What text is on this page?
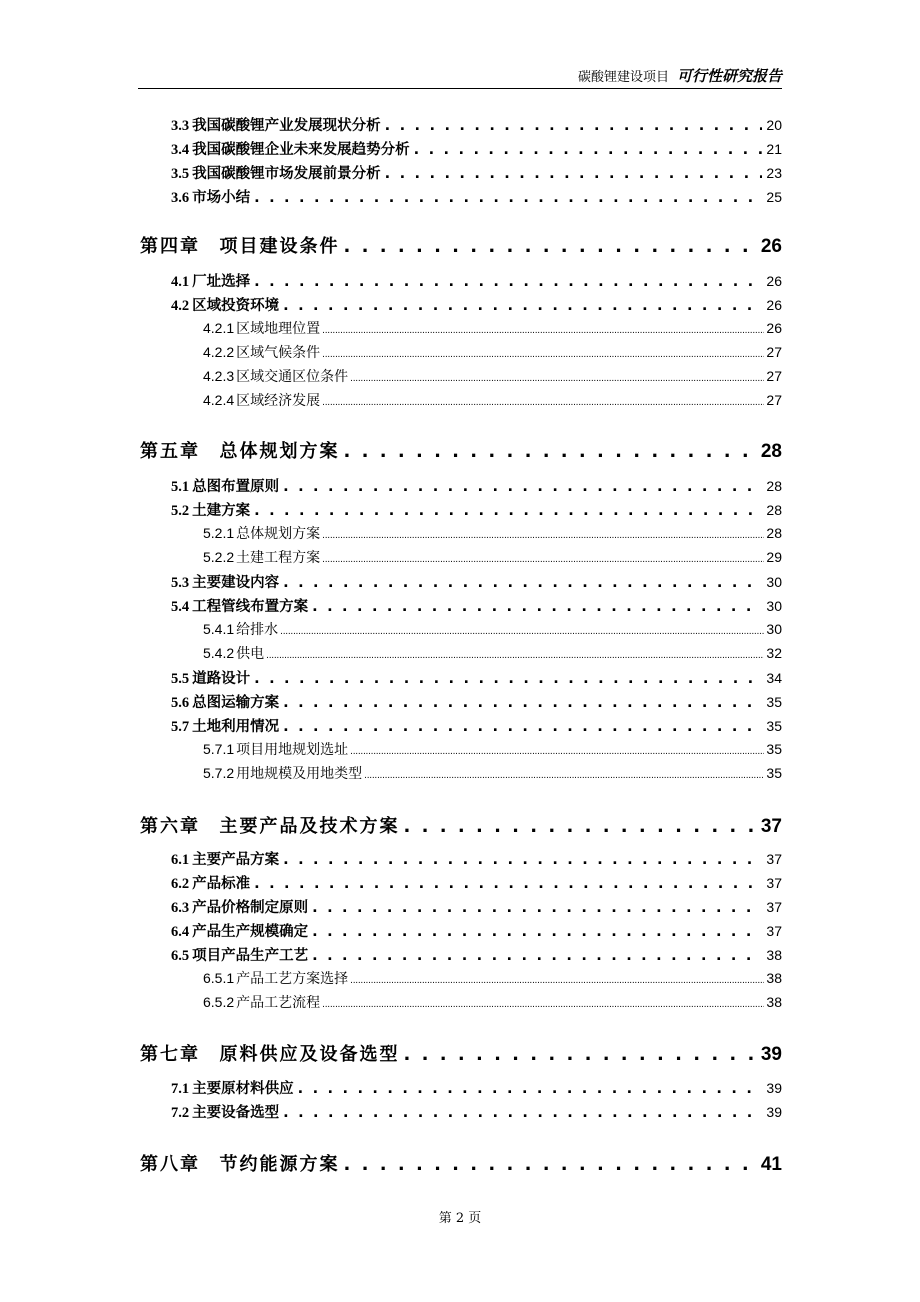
碳酸锂建设项目 可行性研究报告
3.3 我国碳酸锂产业发展现状分析 . . .	20
3.4 我国碳酸锂企业未来发展趋势分析 . . .	21
3.5 我国碳酸锂市场发展前景分析 . . .	23
3.6 市场小结 . . .	25
第四章  项目建设条件 . . .	26
4.1 厂址选择 . . .	26
4.2 区域投资环境 . . .	26
4.2.1 区域地理位置 .....	26
4.2.2 区域气候条件 .....	27
4.2.3 区域交通区位条件 .....	27
4.2.4 区域经济发展 .....	27
第五章  总体规划方案 . . .	28
5.1 总图布置原则 . . .	28
5.2 土建方案 . . .	28
5.2.1 总体规划方案 .....	28
5.2.2 土建工程方案 .....	29
5.3 主要建设内容 . . .	30
5.4 工程管线布置方案 . . .	30
5.4.1 给排水 .....	30
5.4.2 供电 .....	32
5.5 道路设计 . . .	34
5.6 总图运输方案 . . .	35
5.7 土地利用情况 . . .	35
5.7.1 项目用地规划选址 .....	35
5.7.2 用地规模及用地类型 .....	35
第六章  主要产品及技术方案 . . .	37
6.1 主要产品方案 . . .	37
6.2 产品标准 . . .	37
6.3 产品价格制定原则 . . .	37
6.4 产品生产规模确定 . . .	37
6.5 项目产品生产工艺 . . .	38
6.5.1 产品工艺方案选择 .....	38
6.5.2 产品工艺流程 .....	38
第七章  原料供应及设备选型 . . .	39
7.1 主要原材料供应 . . .	39
7.2 主要设备选型 . . .	39
第八章  节约能源方案 . . .	41
第 2 页
